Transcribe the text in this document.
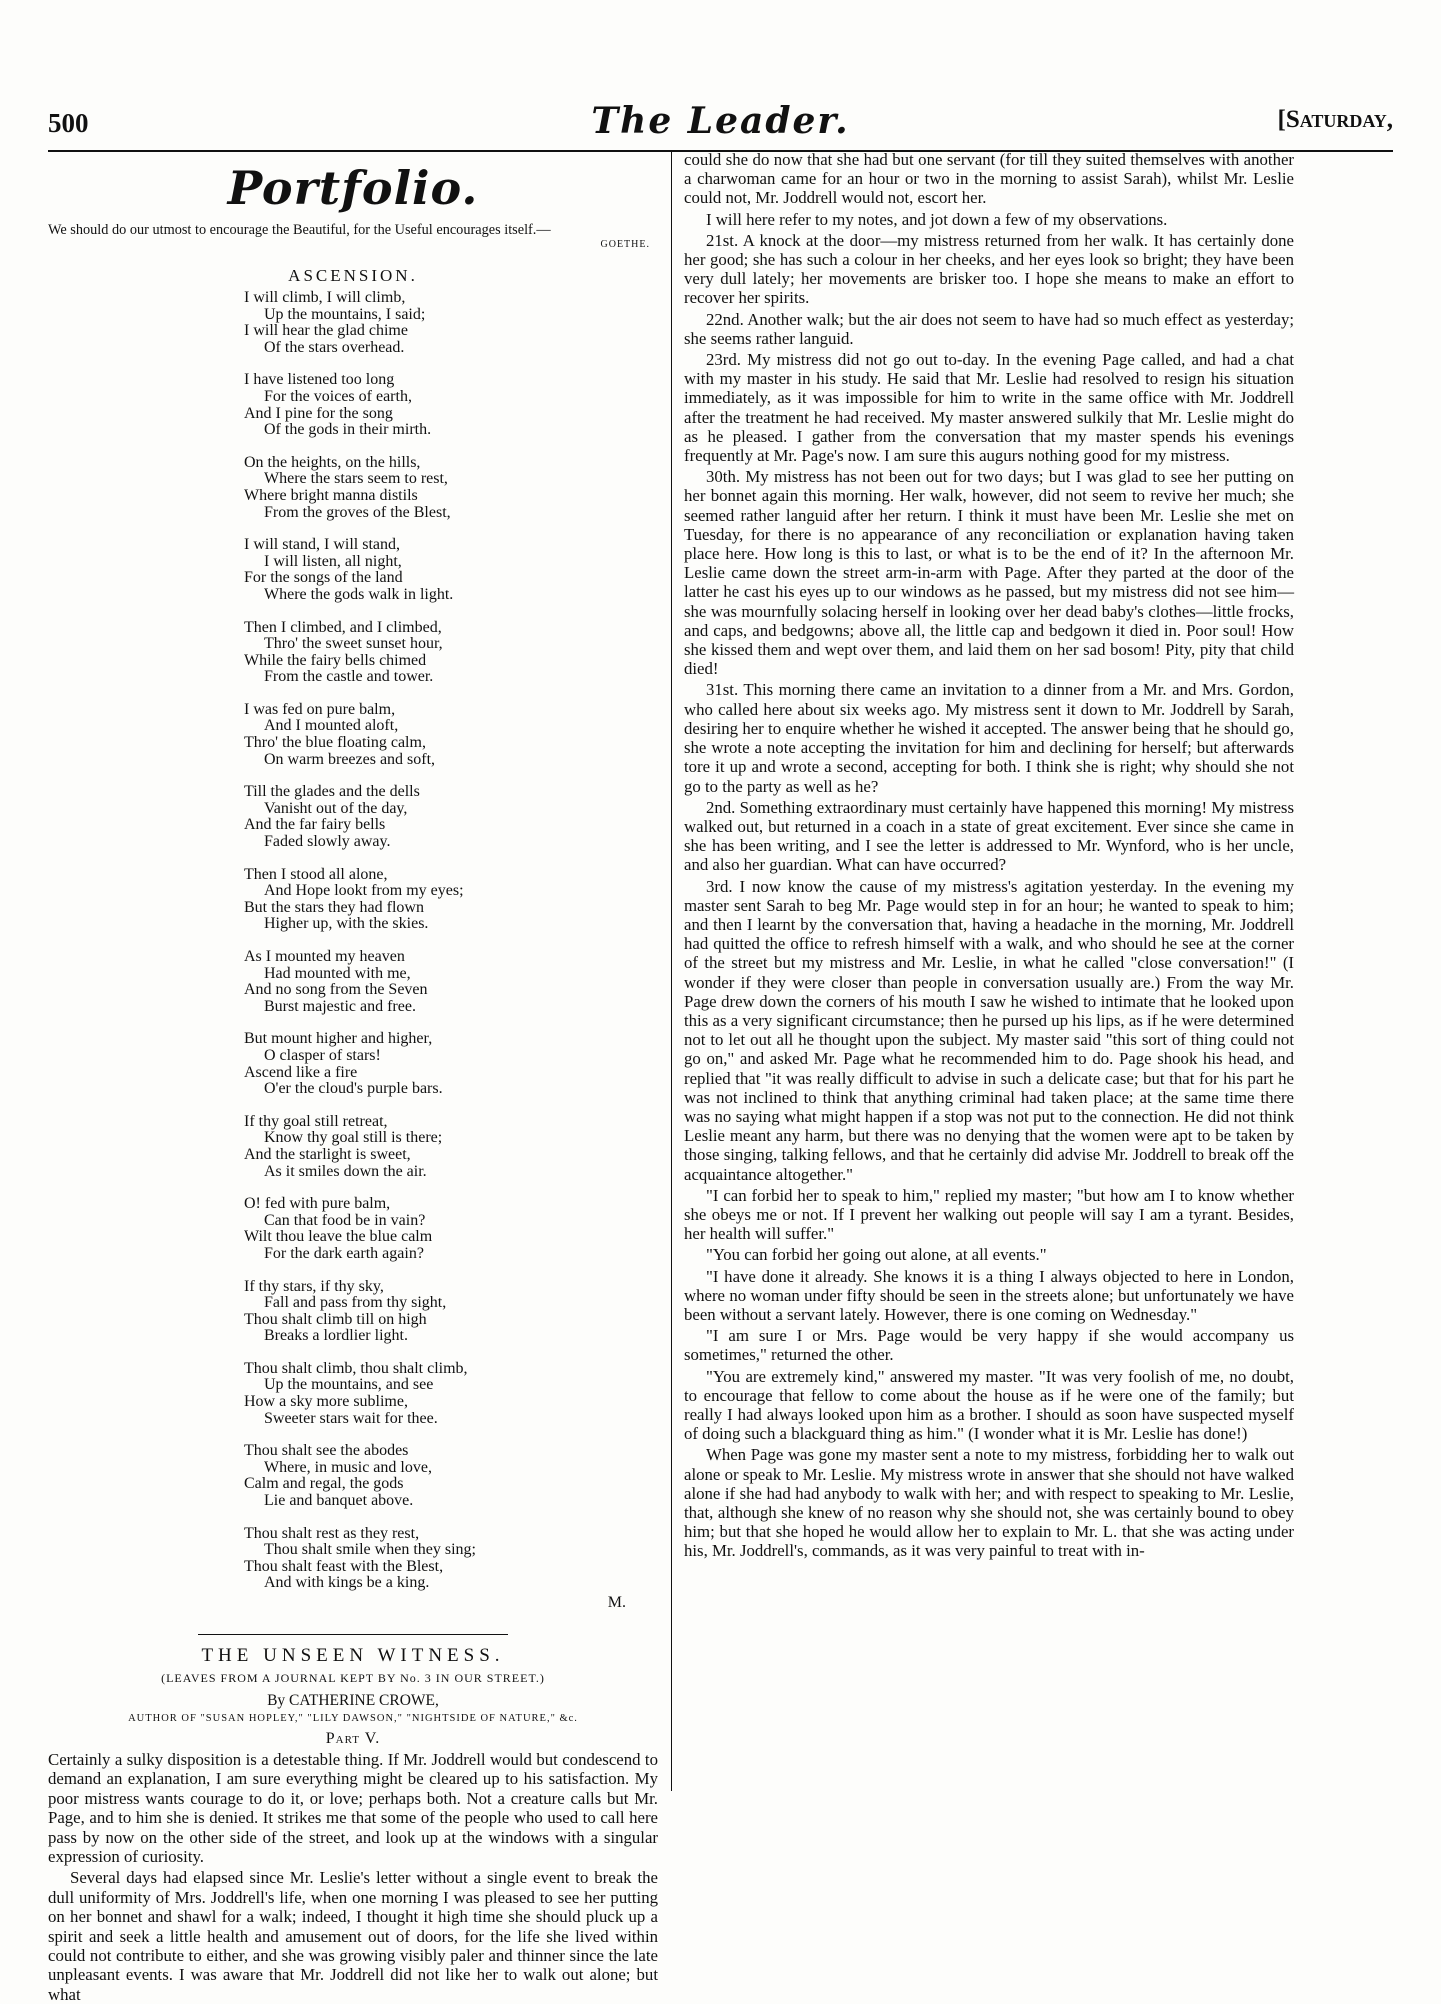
500	The Leader.	[Saturday,
Portfolio.
We should do our utmost to encourage the Beautiful, for the Useful encourages itself.—
GOETHE.
ASCENSION.
I will climb, I will climb,
Up the mountains, I said;
I will hear the glad chime
Of the stars overhead.
I have listened too long
For the voices of earth,
And I pine for the song
Of the gods in their mirth.
On the heights, on the hills,
Where the stars seem to rest,
Where bright manna distils
From the groves of the Blest,
I will stand, I will stand,
I will listen, all night,
For the songs of the land
Where the gods walk in light.
Then I climbed, and I climbed,
Thro' the sweet sunset hour,
While the fairy bells chimed
From the castle and tower.
I was fed on pure balm,
And I mounted aloft,
Thro' the blue floating calm,
On warm breezes and soft,
Till the glades and the dells
Vanisht out of the day,
And the far fairy bells
Faded slowly away.
Then I stood all alone,
And Hope lookt from my eyes;
But the stars they had flown
Higher up, with the skies.
As I mounted my heaven
Had mounted with me,
And no song from the Seven
Burst majestic and free.
But mount higher and higher,
O clasper of stars!
Ascend like a fire
O'er the cloud's purple bars.
If thy goal still retreat,
Know thy goal still is there;
And the starlight is sweet,
As it smiles down the air.
O! fed with pure balm,
Can that food be in vain?
Wilt thou leave the blue calm
For the dark earth again?
If thy stars, if thy sky,
Fall and pass from thy sight,
Thou shalt climb till on high
Breaks a lordlier light.
Thou shalt climb, thou shalt climb,
Up the mountains, and see
How a sky more sublime,
Sweeter stars wait for thee.
Thou shalt see the abodes
Where, in music and love,
Calm and regal, the gods
Lie and banquet above.
Thou shalt rest as they rest,
Thou shalt smile when they sing;
Thou shalt feast with the Blest,
And with kings be a king.
M.
THE UNSEEN WITNESS.
(LEAVES FROM A JOURNAL KEPT BY No. 3 IN OUR STREET.)
By CATHERINE CROWE,
AUTHOR OF "SUSAN HOPLEY," "LILY DAWSON," "NIGHTSIDE OF NATURE," &c.
Part V.

Certainly a sulky disposition is a detestable thing. If Mr. Joddrell would but condescend to demand an explanation, I am sure everything might be cleared up to his satisfaction. My poor mistress wants courage to do it, or love; perhaps both. Not a creature calls but Mr. Page, and to him she is denied. It strikes me that some of the people who used to call here pass by now on the other side of the street, and look up at the windows with a singular expression of curiosity.

Several days had elapsed since Mr. Leslie's letter without a single event to break the dull uniformity of Mrs. Joddrell's life, when one morning I was pleased to see her putting on her bonnet and shawl for a walk; indeed, I thought it high time she should pluck up a spirit and seek a little health and amusement out of doors, for the life she lived within could not contribute to either, and she was growing visibly paler and thinner since the late unpleasant events. I was aware that Mr. Joddrell did not like her to walk out alone; but what

could she do now that she had but one servant (for till they suited themselves with another a charwoman came for an hour or two in the morning to assist Sarah), whilst Mr. Leslie could not, Mr. Joddrell would not, escort her.

I will here refer to my notes, and jot down a few of my observations.

21st. A knock at the door—my mistress returned from her walk. It has certainly done her good; she has such a colour in her cheeks, and her eyes look so bright; they have been very dull lately; her movements are brisker too. I hope she means to make an effort to recover her spirits.

22nd. Another walk; but the air does not seem to have had so much effect as yesterday; she seems rather languid.

23rd. My mistress did not go out to-day. In the evening Page called, and had a chat with my master in his study. He said that Mr. Leslie had resolved to resign his situation immediately, as it was impossible for him to write in the same office with Mr. Joddrell after the treatment he had received. My master answered sulkily that Mr. Leslie might do as he pleased. I gather from the conversation that my master spends his evenings frequently at Mr. Page's now. I am sure this augurs nothing good for my mistress.

30th. My mistress has not been out for two days; but I was glad to see her putting on her bonnet again this morning. Her walk, however, did not seem to revive her much; she seemed rather languid after her return. I think it must have been Mr. Leslie she met on Tuesday, for there is no appearance of any reconciliation or explanation having taken place here. How long is this to last, or what is to be the end of it? In the afternoon Mr. Leslie came down the street arm-in-arm with Page. After they parted at the door of the latter he cast his eyes up to our windows as he passed, but my mistress did not see him—she was mournfully solacing herself in looking over her dead baby's clothes—little frocks, and caps, and bedgowns; above all, the little cap and bedgown it died in. Poor soul! How she kissed them and wept over them, and laid them on her sad bosom! Pity, pity that child died!

31st. This morning there came an invitation to a dinner from a Mr. and Mrs. Gordon, who called here about six weeks ago. My mistress sent it down to Mr. Joddrell by Sarah, desiring her to enquire whether he wished it accepted. The answer being that he should go, she wrote a note accepting the invitation for him and declining for herself; but afterwards tore it up and wrote a second, accepting for both. I think she is right; why should she not go to the party as well as he?

2nd. Something extraordinary must certainly have happened this morning! My mistress walked out, but returned in a coach in a state of great excitement. Ever since she came in she has been writing, and I see the letter is addressed to Mr. Wynford, who is her uncle, and also her guardian. What can have occurred?

3rd. I now know the cause of my mistress's agitation yesterday. In the evening my master sent Sarah to beg Mr. Page would step in for an hour; he wanted to speak to him; and then I learnt by the conversation that, having a headache in the morning, Mr. Joddrell had quitted the office to refresh himself with a walk, and who should he see at the corner of the street but my mistress and Mr. Leslie, in what he called "close conversation!" (I wonder if they were closer than people in conversation usually are.) From the way Mr. Page drew down the corners of his mouth I saw he wished to intimate that he looked upon this as a very significant circumstance; then he pursed up his lips, as if he were determined not to let out all he thought upon the subject. My master said "this sort of thing could not go on," and asked Mr. Page what he recommended him to do. Page shook his head, and replied that "it was really difficult to advise in such a delicate case; but that for his part he was not inclined to think that anything criminal had taken place; at the same time there was no saying what might happen if a stop was not put to the connection. He did not think Leslie meant any harm, but there was no denying that the women were apt to be taken by those singing, talking fellows, and that he certainly did advise Mr. Joddrell to break off the acquaintance altogether."

"I can forbid her to speak to him," replied my master; "but how am I to know whether she obeys me or not. If I prevent her walking out people will say I am a tyrant. Besides, her health will suffer."

"You can forbid her going out alone, at all events."

"I have done it already. She knows it is a thing I always objected to here in London, where no woman under fifty should be seen in the streets alone; but unfortunately we have been without a servant lately. However, there is one coming on Wednesday."

"I am sure I or Mrs. Page would be very happy if she would accompany us sometimes," returned the other.

"You are extremely kind," answered my master. "It was very foolish of me, no doubt, to encourage that fellow to come about the house as if he were one of the family; but really I had always looked upon him as a brother. I should as soon have suspected myself of doing such a blackguard thing as him." (I wonder what it is Mr. Leslie has done!)

When Page was gone my master sent a note to my mistress, forbidding her to walk out alone or speak to Mr. Leslie. My mistress wrote in answer that she should not have walked alone if she had had anybody to walk with her; and with respect to speaking to Mr. Leslie, that, although she knew of no reason why she should not, she was certainly bound to obey him; but that she hoped he would allow her to explain to Mr. L. that she was acting under his, Mr. Joddrell's, commands, as it was very painful to treat with in-
